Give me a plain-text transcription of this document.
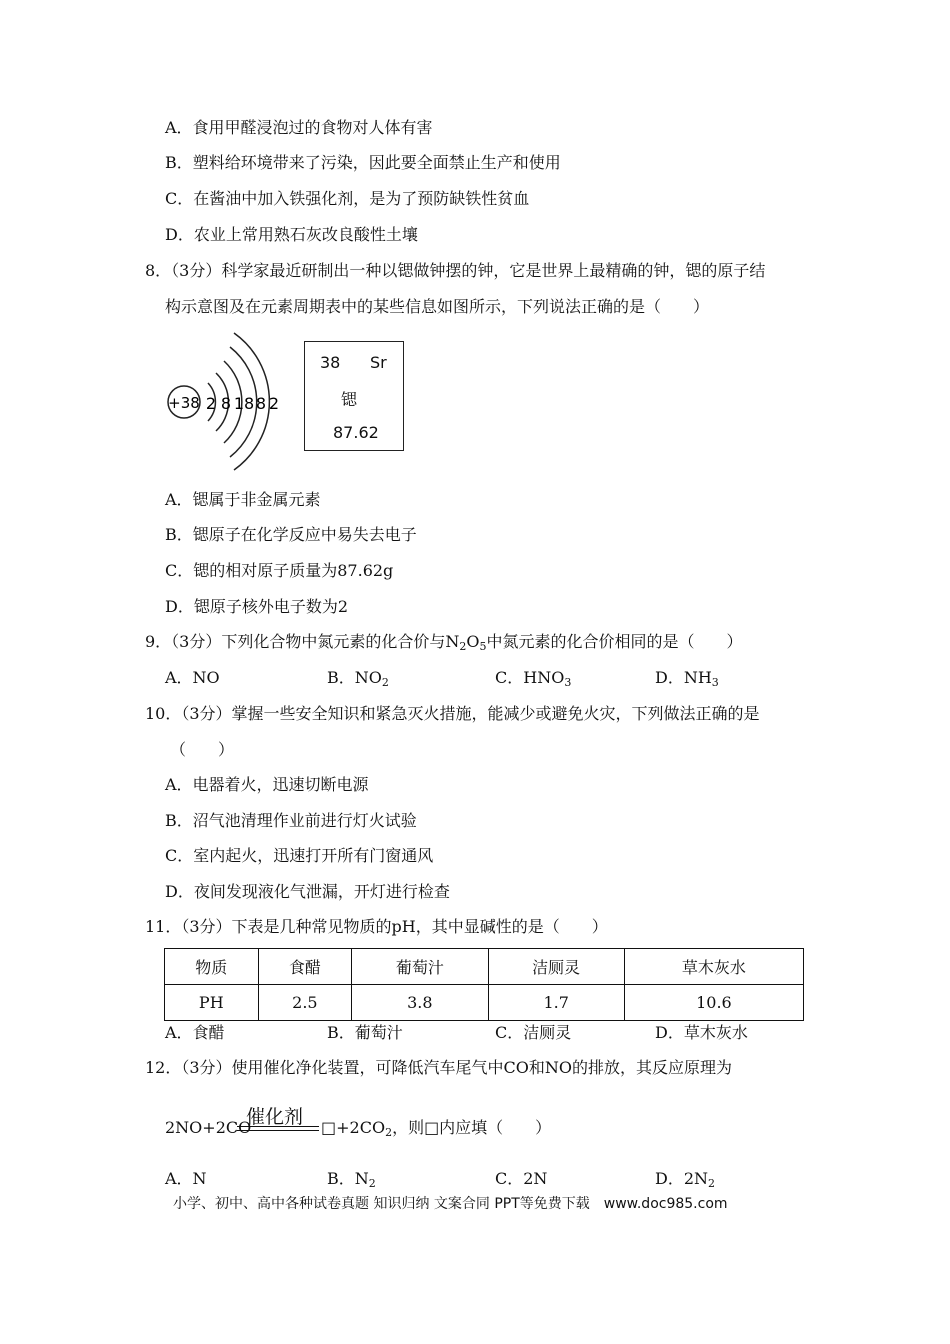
A．食用甲醛浸泡过的食物对人体有害
B．塑料给环境带来了污染，因此要全面禁止生产和使用
C．在酱油中加入铁强化剂，是为了预防缺铁性贫血
D．农业上常用熟石灰改良酸性土壤
8．（3分）科学家最近研制出一种以锶做钟摆的钟，它是世界上最精确的钟，锶的原子结
构示意图及在元素周期表中的某些信息如图所示，下列说法正确的是（　　）
+38 2 8 18 8 2
38 Sr
锶
87.62
A．锶属于非金属元素
B．锶原子在化学反应中易失去电子
C．锶的相对原子质量为87.62g
D．锶原子核外电子数为2
9．（3分）下列化合物中氮元素的化合价与$N_2O_5$中氮元素的化合价相同的是（　　）
A．NO	B．$NO_2$	C．$HNO_3$	D．$NH_3$
10．（3分）掌握一些安全知识和紧急灭火措施，能减少或避免火灾，下列做法正确的是
（　　）
A．电器着火，迅速切断电源
B．沼气池清理作业前进行灯火试验
C．室内起火，迅速打开所有门窗通风
D．夜间发现液化气泄漏，开灯进行检查
11．（3分）下表是几种常见物质的pH，其中显碱性的是（　　）
物质	食醋	葡萄汁	洁厕灵	草木灰水
PH	2.5	3.8	1.7	10.6
A．食醋	B．葡萄汁	C．洁厕灵	D．草木灰水
12．（3分）使用催化净化装置，可降低汽车尾气中CO和NO的排放，其反应原理为
催化剂
2NO+2CO	$□+2CO_2$，则□内应填（　　）
A．N	B．$N_2$	C．2N	D．$2N_2$
小学、初中、高中各种试卷真题 知识归纳 文案合同 PPT等免费下载　www.doc985.com
